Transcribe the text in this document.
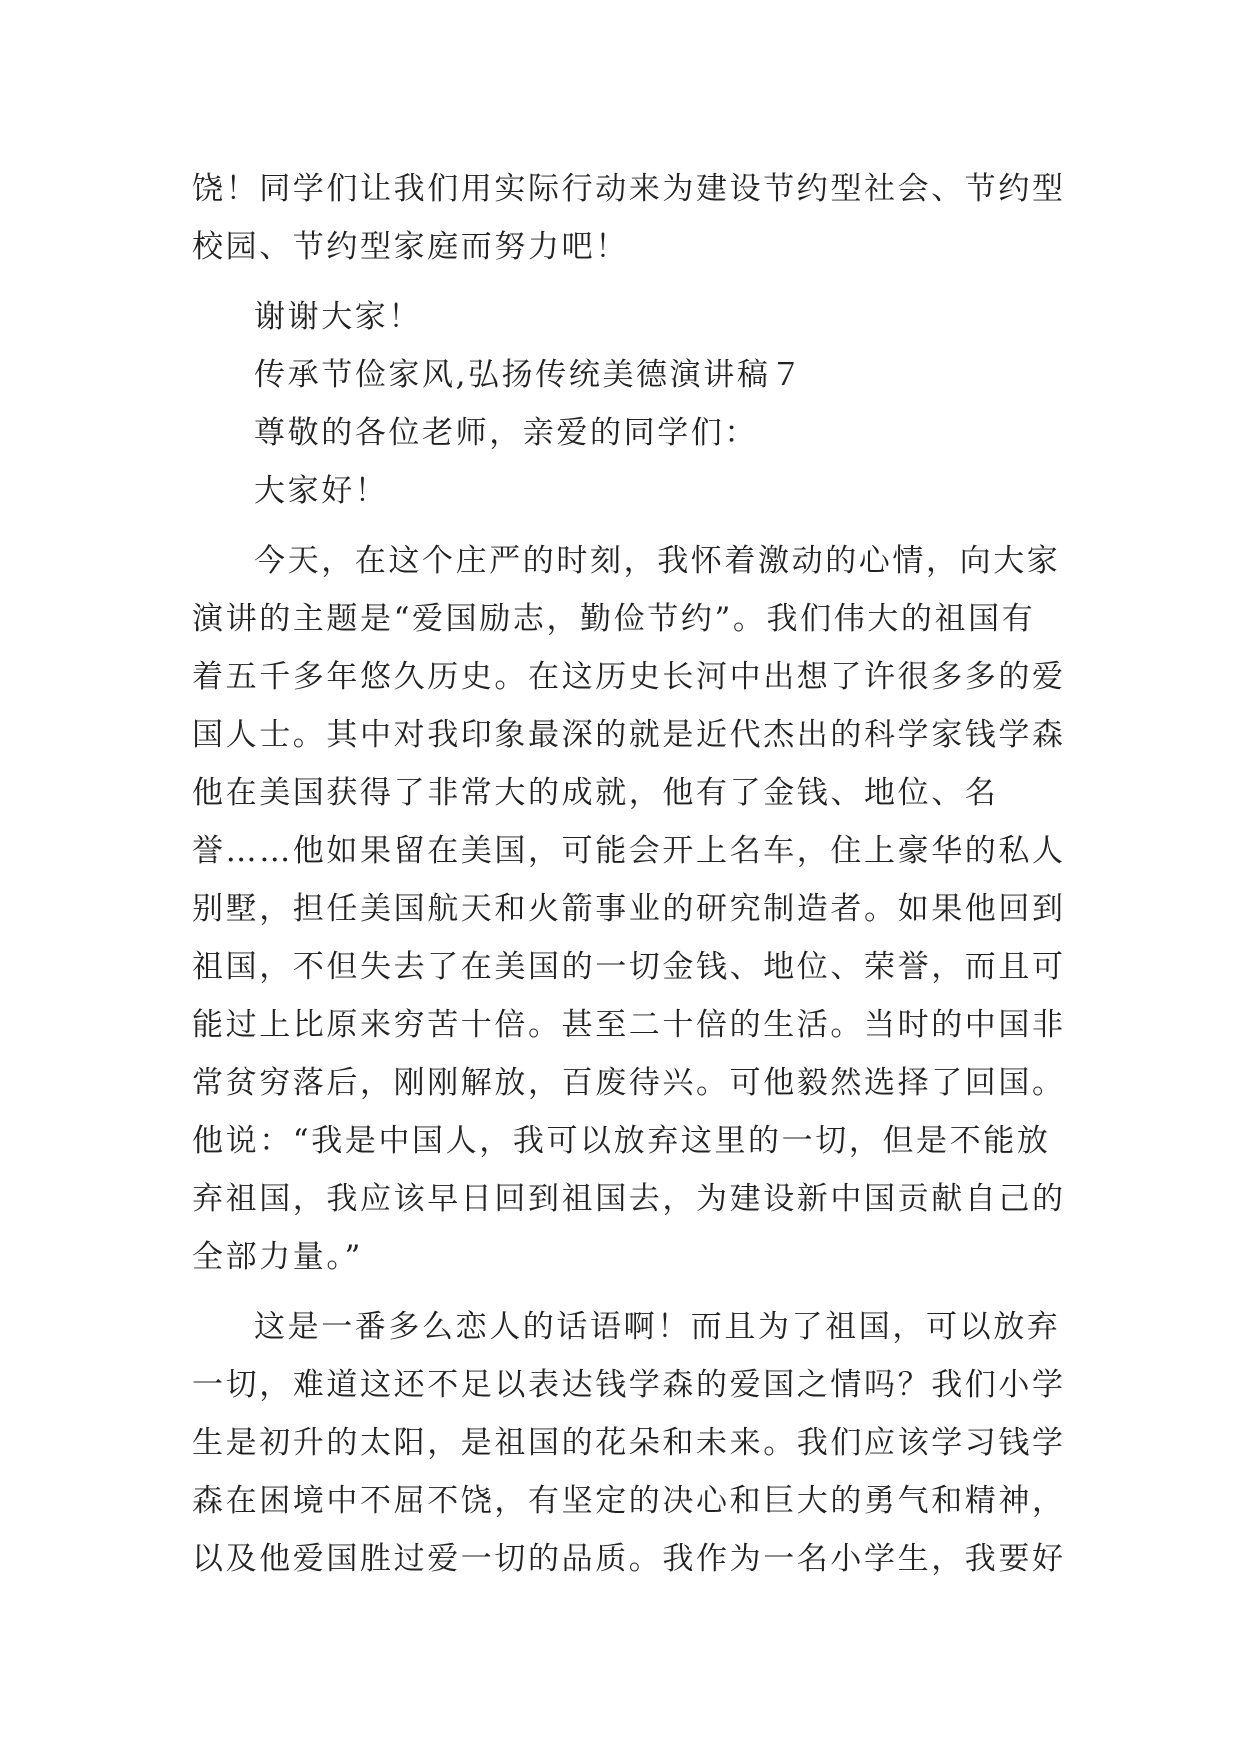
饶！同学们让我们用实际行动来为建设节约型社会、节约型
校园、节约型家庭而努力吧！
谢谢大家！
传承节俭家风,弘扬传统美德演讲稿７
尊敬的各位老师，亲爱的同学们：
大家好！
今天，在这个庄严的时刻，我怀着激动的心情，向大家
演讲的主题是“爱国励志，勤俭节约”。我们伟大的祖国有
着五千多年悠久历史。在这历史长河中出想了许很多多的爱
国人士。其中对我印象最深的就是近代杰出的科学家钱学森
他在美国获得了非常大的成就，他有了金钱、地位、名
誉……他如果留在美国，可能会开上名车，住上豪华的私人
别墅，担任美国航天和火箭事业的研究制造者。如果他回到
祖国，不但失去了在美国的一切金钱、地位、荣誉，而且可
能过上比原来穷苦十倍。甚至二十倍的生活。当时的中国非
常贫穷落后，刚刚解放，百废待兴。可他毅然选择了回国。
他说：“我是中国人，我可以放弃这里的一切，但是不能放
弃祖国，我应该早日回到祖国去，为建设新中国贡献自己的
全部力量。”
这是一番多么恋人的话语啊！而且为了祖国，可以放弃
一切，难道这还不足以表达钱学森的爱国之情吗？我们小学
生是初升的太阳，是祖国的花朵和未来。我们应该学习钱学
森在困境中不屈不饶，有坚定的决心和巨大的勇气和精神，
以及他爱国胜过爱一切的品质。我作为一名小学生，我要好
